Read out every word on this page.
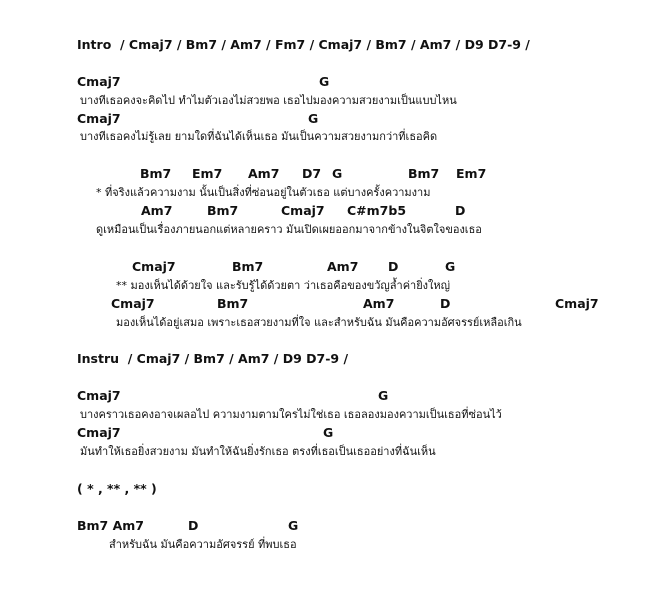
Intro  / Cmaj7 / Bm7 / Am7 / Fm7 / Cmaj7 / Bm7 / Am7 / D9 D7-9 /

Cmaj7

	G

บางทีเธอคงจะคิดไป ทำไมตัวเองไม่สวยพอ เธอไปมองความสวยงามเป็นแบบไหน

Cmaj7

	G

บางทีเธอคงไม่รู้เลย ยามใดที่ฉันได้เห็นเธอ มันเป็นความสวยงามกว่าที่เธอคิด

Bm7

Em7

Am7

D7

G

	Bm7

Em7

* ที่จริงแล้วความงาม นั้นเป็นสิ่งที่ซ่อนอยู่ในตัวเธอ แต่บางครั้งความงาม

Am7

	Bm7

	Cmaj7

C#m7b5

	D

ดูเหมือนเป็นเรื่องภายนอกแต่หลายคราว มันเปิดเผยออกมาจากข้างในจิตใจของเธอ

Cmaj7

	Bm7

	Am7

D

	G

** มองเห็นได้ด้วยใจ และรับรู้ได้ด้วยตา ว่าเธอคือของขวัญล้ำค่ายิ่งใหญ่

Cmaj7

	Bm7

	Am7

	D

	Cmaj7

มองเห็นได้อยู่เสมอ เพราะเธอสวยงามที่ใจ และสำหรับฉัน มันคือความอัศจรรย์เหลือเกิน

Instru  / Cmaj7 / Bm7 / Am7 / D9 D7-9 /

Cmaj7

	G

บางคราวเธอคงอาจเผลอไป ความงามตามใครไม่ใช่เธอ เธอลองมองความเป็นเธอที่ซ่อนไว้

Cmaj7

	G

มันทำให้เธอยิ่งสวยงาม มันทำให้ฉันยิ่งรักเธอ ตรงที่เธอเป็นเธออย่างที่ฉันเห็น

( * , ** , ** )

Bm7 Am7

	D

	G

สำหรับฉัน มันคือความอัศจรรย์ ที่พบเธอ
